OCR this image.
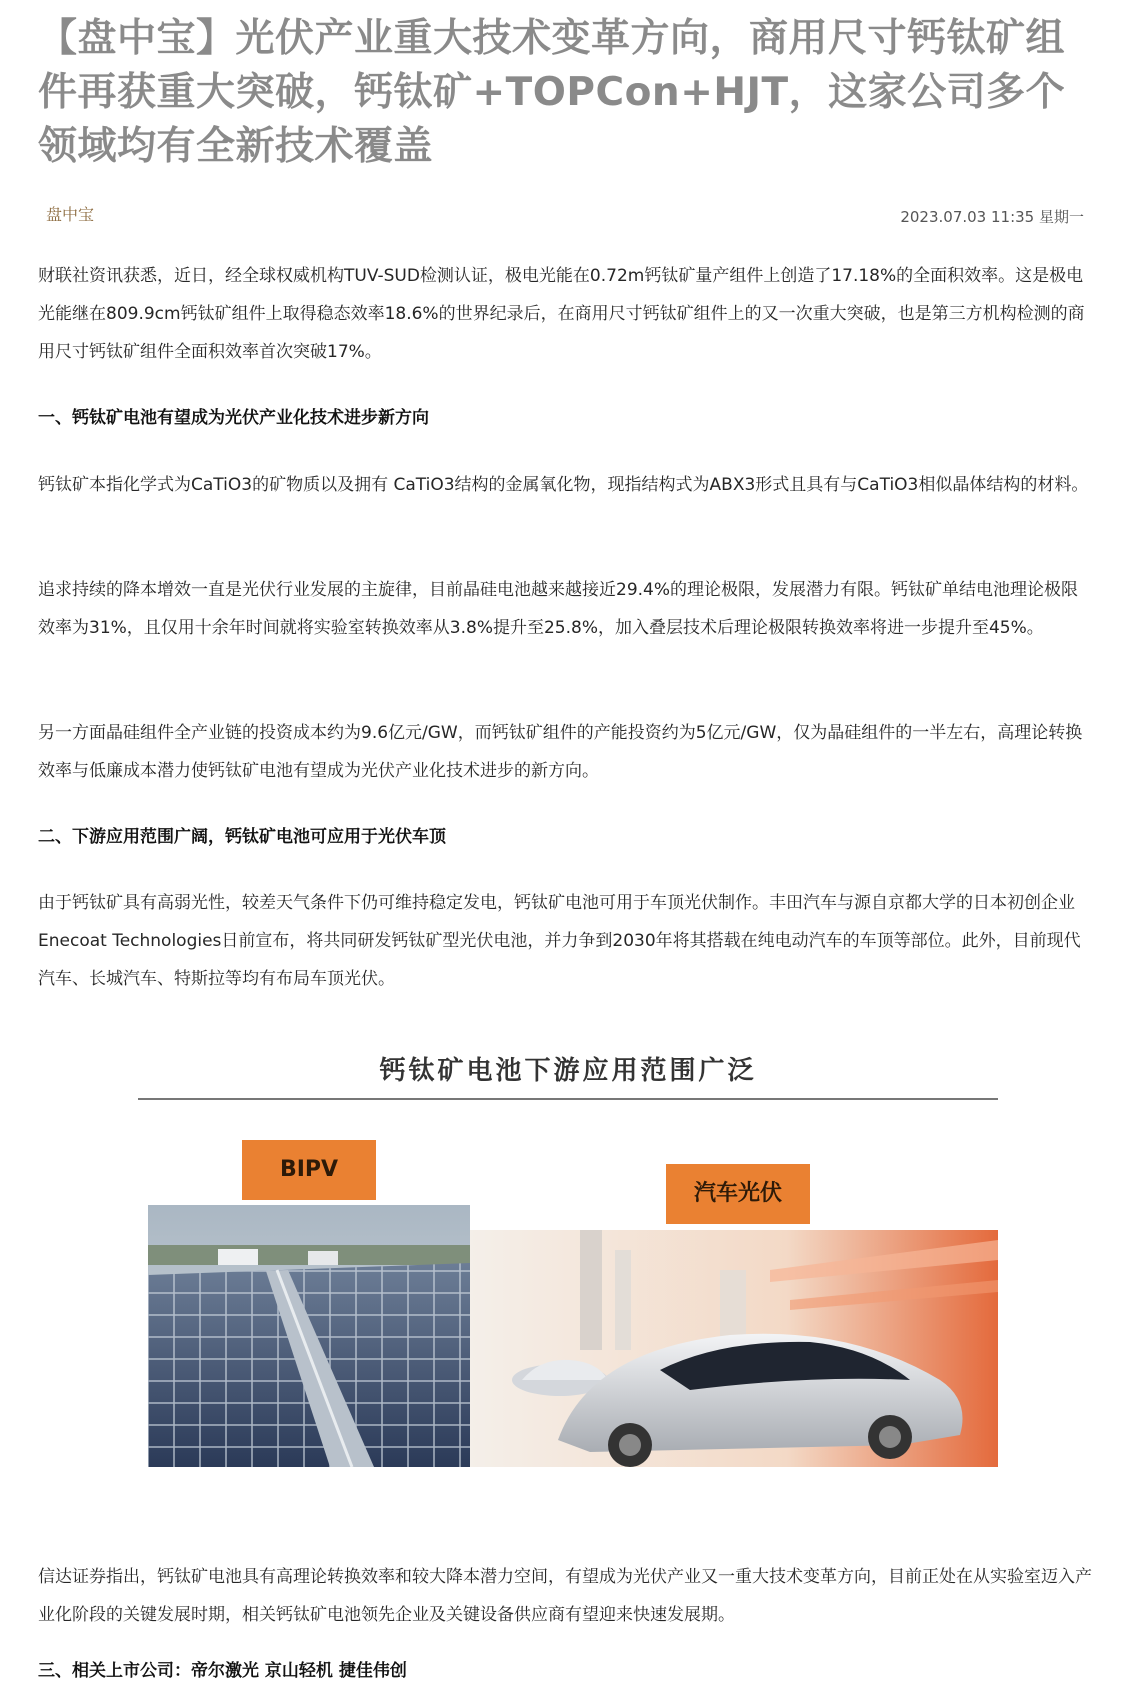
【盘中宝】光伏产业重大技术变革方向，商用尺寸钙钛矿组件再获重大突破，钙钛矿+TOPCon+HJT，这家公司多个领域均有全新技术覆盖
盘中宝	2023.07.03 11:35 星期一

财联社资讯获悉，近日，经全球权威机构TUV-SUD检测认证，极电光能在0.72m钙钛矿量产组件上创造了17.18%的全面积效率。这是极电光能继在809.9cm钙钛矿组件上取得稳态效率18.6%的世界纪录后，在商用尺寸钙钛矿组件上的又一次重大突破，也是第三方机构检测的商用尺寸钙钛矿组件全面积效率首次突破17%。

一、钙钛矿电池有望成为光伏产业化技术进步新方向

钙钛矿本指化学式为CaTiO3的矿物质以及拥有 CaTiO3结构的金属氧化物，现指结构式为ABX3形式且具有与CaTiO3相似晶体结构的材料。

追求持续的降本增效一直是光伏行业发展的主旋律，目前晶硅电池越来越接近29.4%的理论极限，发展潜力有限。钙钛矿单结电池理论极限效率为31%，且仅用十余年时间就将实验室转换效率从3.8%提升至25.8%，加入叠层技术后理论极限转换效率将进一步提升至45%。

另一方面晶硅组件全产业链的投资成本约为9.6亿元/GW，而钙钛矿组件的产能投资约为5亿元/GW，仅为晶硅组件的一半左右，高理论转换效率与低廉成本潜力使钙钛矿电池有望成为光伏产业化技术进步的新方向。

二、下游应用范围广阔，钙钛矿电池可应用于光伏车顶

由于钙钛矿具有高弱光性，较差天气条件下仍可维持稳定发电，钙钛矿电池可用于车顶光伏制作。丰田汽车与源自京都大学的日本初创企业Enecoat Technologies日前宣布，将共同研发钙钛矿型光伏电池，并力争到2030年将其搭载在纯电动汽车的车顶等部位。此外，目前现代汽车、长城汽车、特斯拉等均有布局车顶光伏。

钙钛矿电池下游应用范围广泛
BIPV
汽车光伏

信达证券指出，钙钛矿电池具有高理论转换效率和较大降本潜力空间，有望成为光伏产业又一重大技术变革方向，目前正处在从实验室迈入产业化阶段的关键发展时期，相关钙钛矿电池领先企业及关键设备供应商有望迎来快速发展期。

三、相关上市公司：帝尔激光 京山轻机 捷佳伟创
